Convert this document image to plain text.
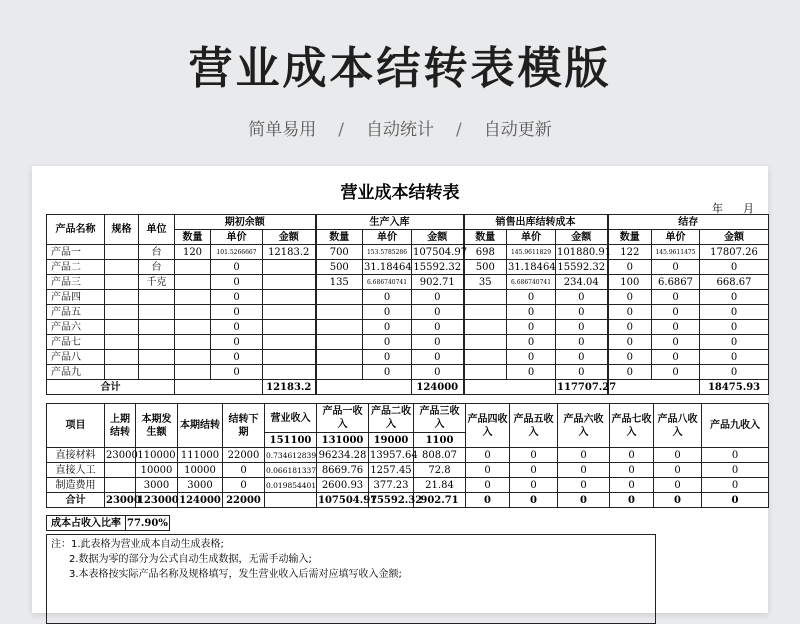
营业成本结转表模版
简单易用 / 自动统计 / 自动更新
营业成本结转表
年 月
产品名称	规格	单位	期初余额			生产入库			销售出库结转成本			结存		
			数量	单价	金额	数量	单价	金额	数量	单价	金额	数量	单价	金额
产品一		台	120	101.5266667	12183.2	700	153.5785286	107504.97	698	145.9611829	101880.91	122	145.9611475	17807.26
产品二		台		0		500	31.18464	15592.32	500	31.18464	15592.32	0	0	0
产品三		千克		0		135	6.686740741	902.71	35	6.686740741	234.04	100	6.6867	668.67
产品四				0			0	0		0	0	0	0	0
产品五				0			0	0		0	0	0	0	0
产品六				0			0	0		0	0	0	0	0
产品七				0			0	0		0	0	0	0	0
产品八				0			0	0		0	0	0	0	0
产品九				0			0	0		0	0	0	0	0
合计					12183.2			124000			117707.27			18475.93
项目	上期结转	本期发生额	本期结转	结转下期	营业收入	产品一收入	产品二收入	产品三收入	产品四收入	产品五收入	产品六收入	产品七收入	产品八收入	产品九收入
					151100	131000	19000	1100						
直接材料	23000	110000	111000	22000	0.734612839	96234.28	13957.64	808.07	0	0	0	0	0	0
直接人工		10000	10000	0	0.066181337	8669.76	1257.45	72.8	0	0	0	0	0	0
制造费用		3000	3000	0	0.019854401	2600.93	377.23	21.84	0	0	0	0	0	0
合计	23000	123000	124000	22000		107504.97	15592.32	902.71	0	0	0	0	0	0
成本占收入比率	77.90%
注：1.此表格为营业成本自动生成表格;
2.数据为零的部分为公式自动生成数据，无需手动输入;
3.本表格按实际产品名称及规格填写，发生营业收入后需对应填写收入金额;
